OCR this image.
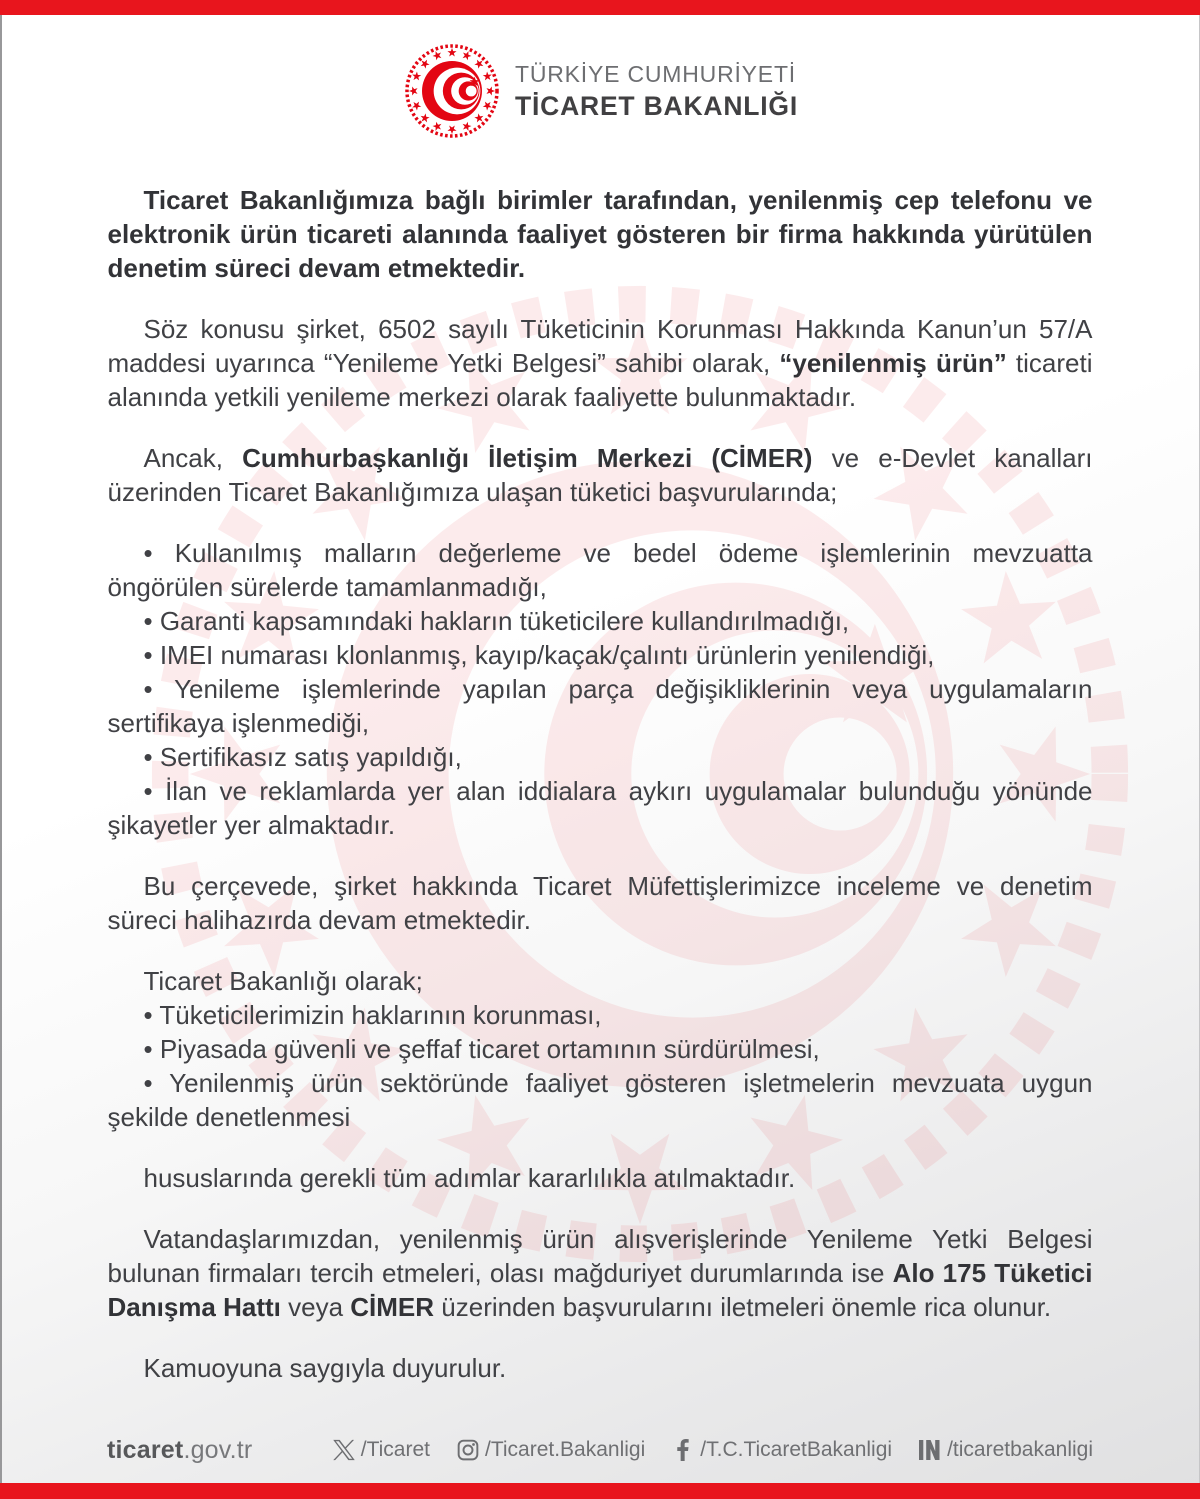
TÜRKİYE CUMHURİYETİ
TİCARET BAKANLIĞI

Ticaret Bakanlığımıza bağlı birimler tarafından, yenilenmiş cep telefonu ve elektronik ürün ticareti alanında faaliyet gösteren bir firma hakkında yürütülen denetim süreci devam etmektedir.

Söz konusu şirket, 6502 sayılı Tüketicinin Korunması Hakkında Kanun’un 57/A maddesi uyarınca “Yenileme Yetki Belgesi” sahibi olarak, “yenilenmiş ürün” ticareti alanında yetkili yenileme merkezi olarak faaliyette bulunmaktadır.

Ancak, Cumhurbaşkanlığı İletişim Merkezi (CİMER) ve e-Devlet kanalları üzerinden Ticaret Bakanlığımıza ulaşan tüketici başvurularında;

• Kullanılmış malların değerleme ve bedel ödeme işlemlerinin mevzuatta öngörülen sürelerde tamamlanmadığı,

• Garanti kapsamındaki hakların tüketicilere kullandırılmadığı,

• IMEI numarası klonlanmış, kayıp/kaçak/çalıntı ürünlerin yenilendiği,

• Yenileme işlemlerinde yapılan parça değişikliklerinin veya uygulamaların sertifikaya işlenmediği,

• Sertifikasız satış yapıldığı,

• İlan ve reklamlarda yer alan iddialara aykırı uygulamalar bulunduğu yönünde şikayetler yer almaktadır.

Bu çerçevede, şirket hakkında Ticaret Müfettişlerimizce inceleme ve denetim süreci halihazırda devam etmektedir.

Ticaret Bakanlığı olarak;

• Tüketicilerimizin haklarının korunması,

• Piyasada güvenli ve şeffaf ticaret ortamının sürdürülmesi,

• Yenilenmiş ürün sektöründe faaliyet gösteren işletmelerin mevzuata uygun şekilde denetlenmesi

hususlarında gerekli tüm adımlar kararlılıkla atılmaktadır.

Vatandaşlarımızdan, yenilenmiş ürün alışverişlerinde Yenileme Yetki Belgesi bulunan firmaları tercih etmeleri, olası mağduriyet durumlarında ise Alo 175 Tüketici Danışma Hattı veya CİMER üzerinden başvurularını iletmeleri önemle rica olunur.

Kamuoyuna saygıyla duyurulur.

ticaret.gov.tr	/Ticaret	/Ticaret.Bakanligi	/T.C.TicaretBakanligi	/ticaretbakanligi
